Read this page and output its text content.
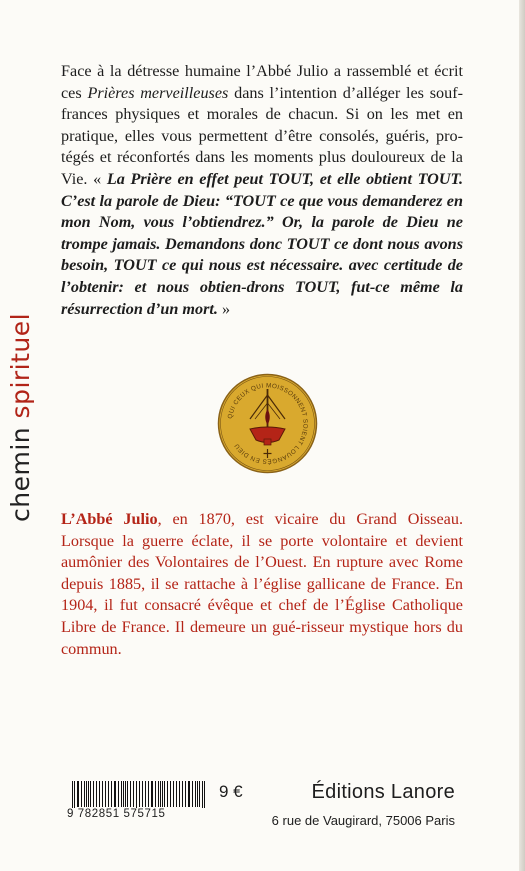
chemin spirituel

Face à la détresse humaine l’Abbé Julio a rassemblé et écrit ces Prières merveilleuses dans l’intention d’alléger les souf-frances physiques et morales de chacun. Si on les met en pratique, elles vous permettent d’être consolés, guéris, pro-tégés et réconfortés dans les moments plus douloureux de la Vie. « La Prière en effet peut TOUT, et elle obtient TOUT. C’est la parole de Dieu: “TOUT ce que vous demanderez en mon Nom, vous l’obtiendrez.” Or, la parole de Dieu ne trompe jamais. Demandons donc TOUT ce dont nous avons besoin, TOUT ce qui nous est nécessaire. avec certitude de l’obtenir: et nous obtien-drons TOUT, fut-ce même la résurrection d’un mort. »

QUI CEUX QUI MOISSONNENT SOIENT LOUANGÉS EN DIEU

L’Abbé Julio, en 1870, est vicaire du Grand Oisseau. Lorsque la guerre éclate, il se porte volontaire et devient aumônier des Volontaires de l’Ouest. En rupture avec Rome depuis 1885, il se rattache à l’église gallicane de France. En 1904, il fut consacré évêque et chef de l’Église Catholique Libre de France. Il demeure un gué-risseur mystique hors du commun.

9 782851 575715
9 €	Éditions Lanore
6 rue de Vaugirard, 75006 Paris
